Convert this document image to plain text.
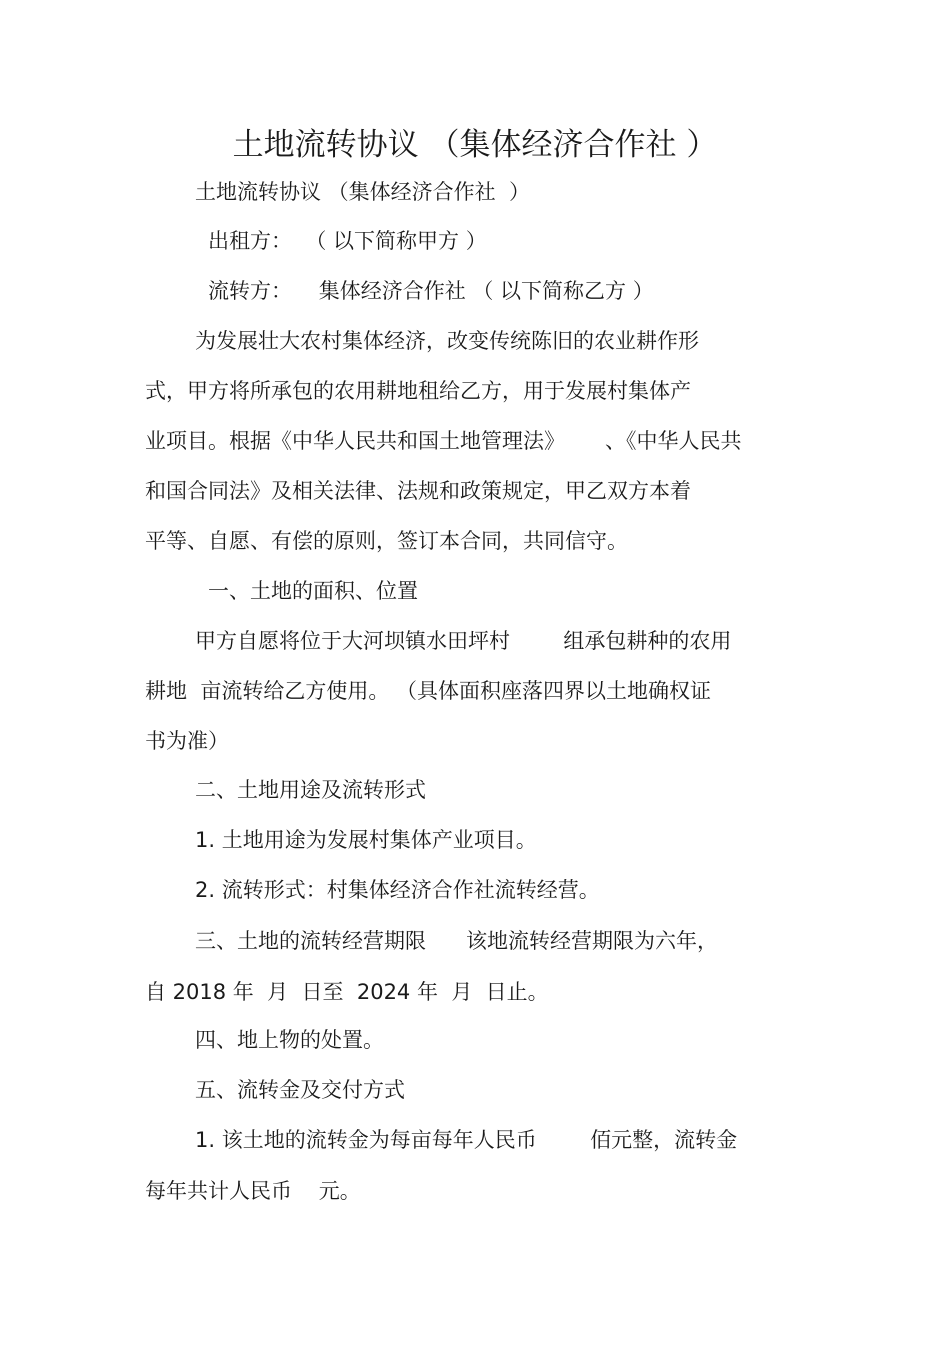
土地流转协议 （集体经济合作社 ）
土地流转协议 （集体经济合作社  ）
出租方：  （ 以下简称甲方 ）
流转方：    集体经济合作社 （ 以下简称乙方 ）
为发展壮大农村集体经济，改变传统陈旧的农业耕作形
式，甲方将所承包的农用耕地租给乙方，用于发展村集体产
业项目。根据《中华人民共和国土地管理法》      、《中华人民共
和国合同法》及相关法律、法规和政策规定，甲乙双方本着
平等、自愿、有偿的原则，签订本合同，共同信守。
一、土地的面积、位置
甲方自愿将位于大河坝镇水田坪村        组承包耕种的农用
耕地  亩流转给乙方使用。 （具体面积座落四界以土地确权证
书为准）
二、土地用途及流转形式
1. 土地用途为发展村集体产业项目。
2. 流转形式：村集体经济合作社流转经营。
三、土地的流转经营期限      该地流转经营期限为六年，
自 2018 年  月  日至  2024 年  月  日止。
四、地上物的处置。
五、流转金及交付方式
1. 该土地的流转金为每亩每年人民币        佰元整，流转金
每年共计人民币    元。
